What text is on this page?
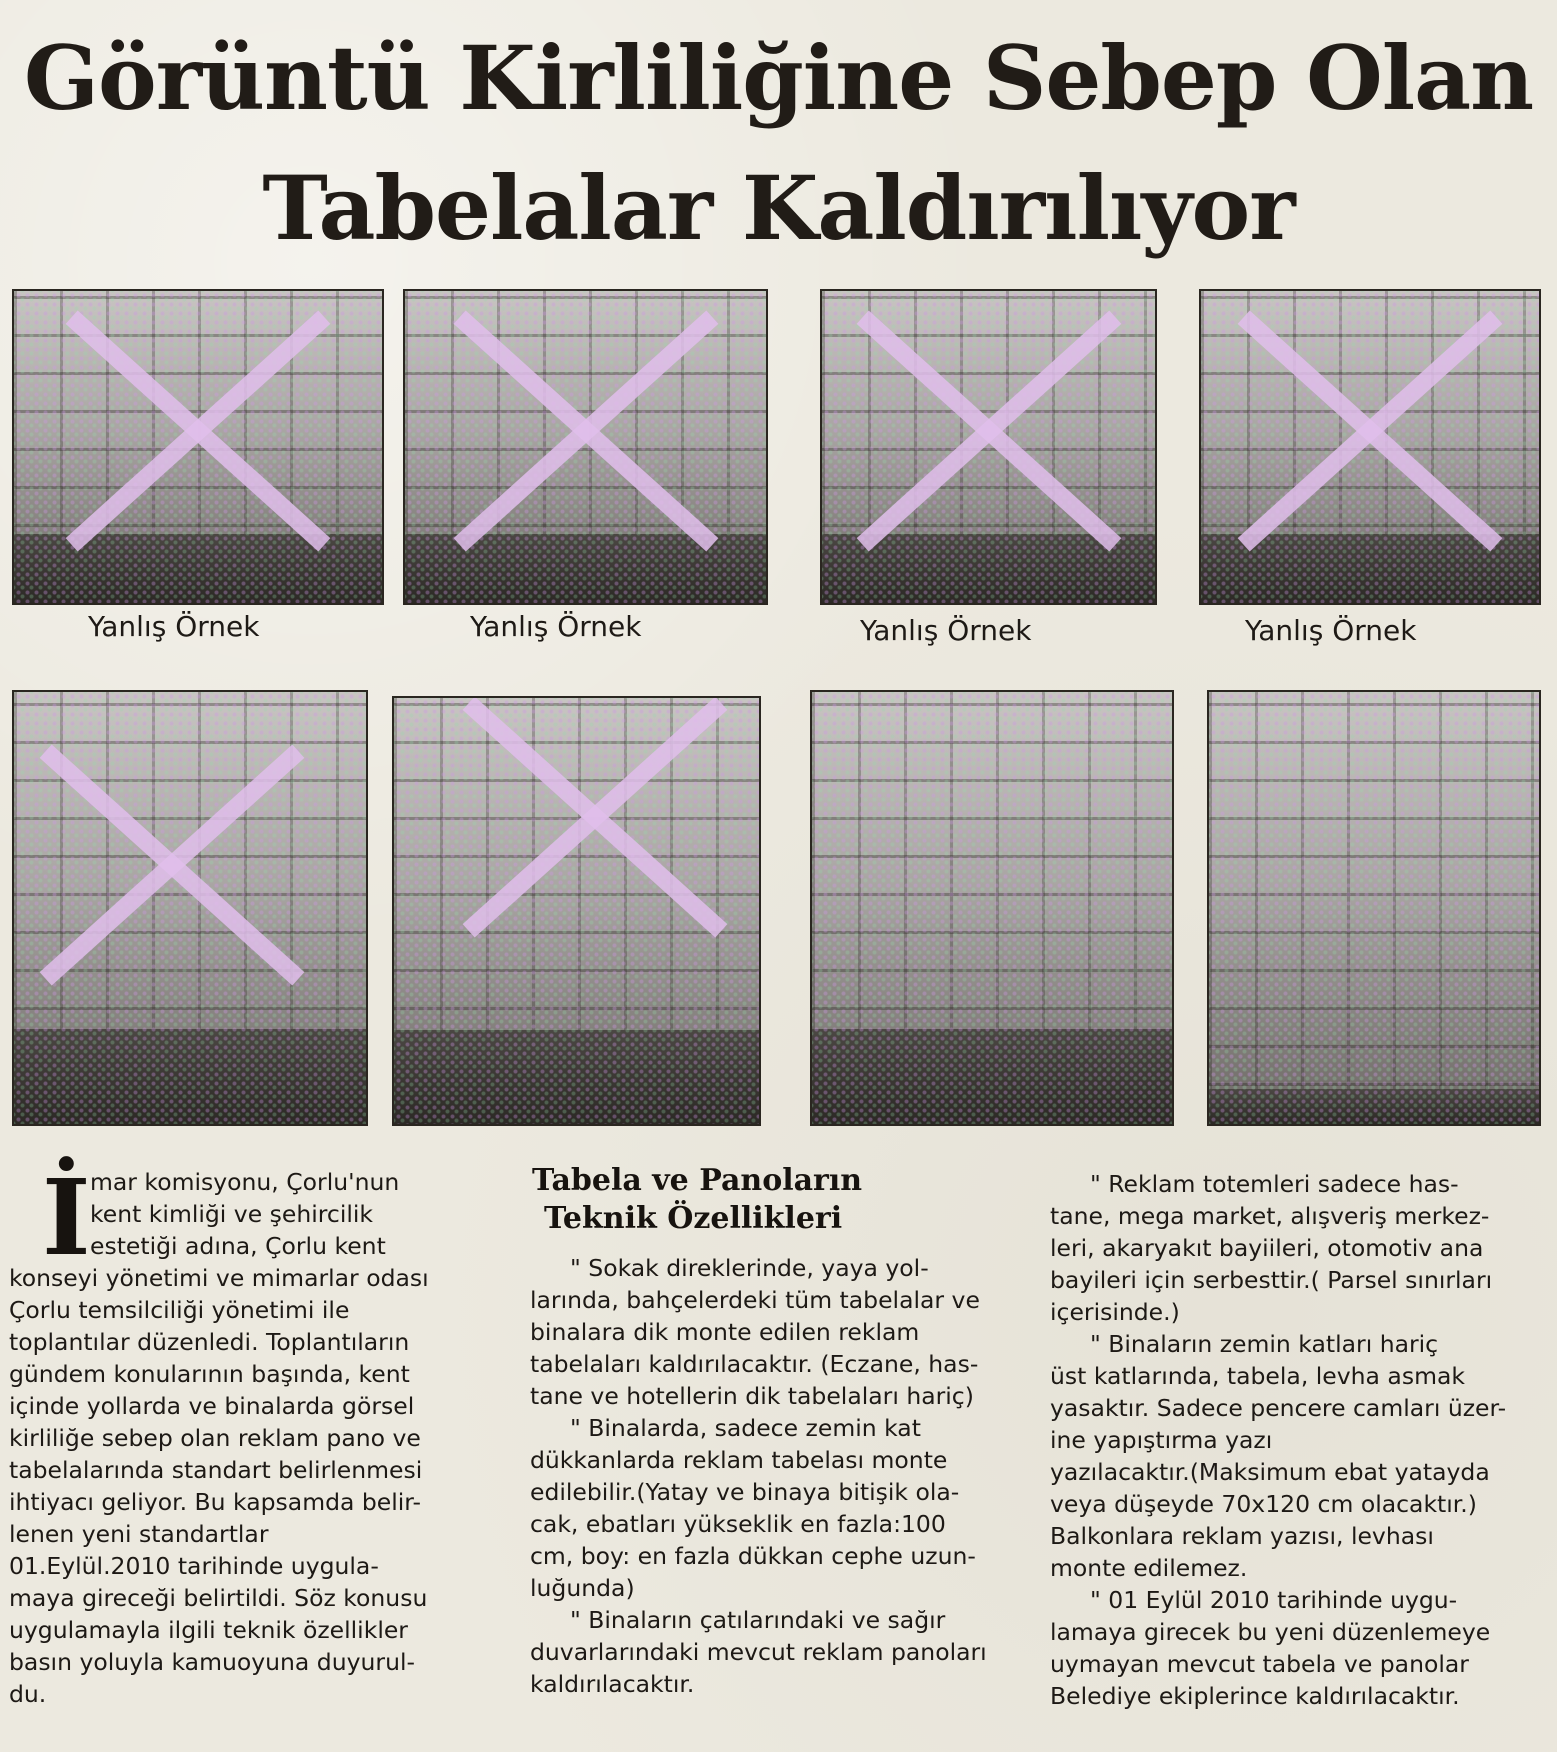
Görüntü Kirliliğine Sebep Olan
Tabelalar Kaldırılıyor
Yanlış Örnek	Yanlış Örnek	Yanlış Örnek	Yanlış Örnek
İ mar komisyonu, Çorlu'nun
kent kimliği ve şehircilik
estetiği adına, Çorlu kent
konseyi yönetimi ve mimarlar odası
Çorlu temsilciliği yönetimi ile
toplantılar düzenledi. Toplantıların
gündem konularının başında, kent
içinde yollarda ve binalarda görsel
kirliliğe sebep olan reklam pano ve
tabelalarında standart belirlenmesi
ihtiyacı geliyor. Bu kapsamda belir-
lenen yeni standartlar
01.Eylül.2010 tarihinde uygula-
maya gireceği belirtildi. Söz konusu
uygulamayla ilgili teknik özellikler
basın yoluyla kamuoyuna duyurul-
du.
Tabela ve Panoların
Teknik Özellikleri
" Sokak direklerinde, yaya yol-
larında, bahçelerdeki tüm tabelalar ve
binalara dik monte edilen reklam
tabelaları kaldırılacaktır. (Eczane, has-
tane ve hotellerin dik tabelaları hariç)
" Binalarda, sadece zemin kat
dükkanlarda reklam tabelası monte
edilebilir.(Yatay ve binaya bitişik ola-
cak, ebatları yükseklik en fazla:100
cm, boy: en fazla dükkan cephe uzun-
luğunda)
" Binaların çatılarındaki ve sağır
duvarlarındaki mevcut reklam panoları
kaldırılacaktır.
" Reklam totemleri sadece has-
tane, mega market, alışveriş merkez-
leri, akaryakıt bayiileri, otomotiv ana
bayileri için serbesttir.( Parsel sınırları
içerisinde.)
" Binaların zemin katları hariç
üst katlarında, tabela, levha asmak
yasaktır. Sadece pencere camları üzer-
ine yapıştırma yazı
yazılacaktır.(Maksimum ebat yatayda
veya düşeyde 70x120 cm olacaktır.)
Balkonlara reklam yazısı, levhası
monte edilemez.
" 01 Eylül 2010 tarihinde uygu-
lamaya girecek bu yeni düzenlemeye
uymayan mevcut tabela ve panolar
Belediye ekiplerince kaldırılacaktır.
